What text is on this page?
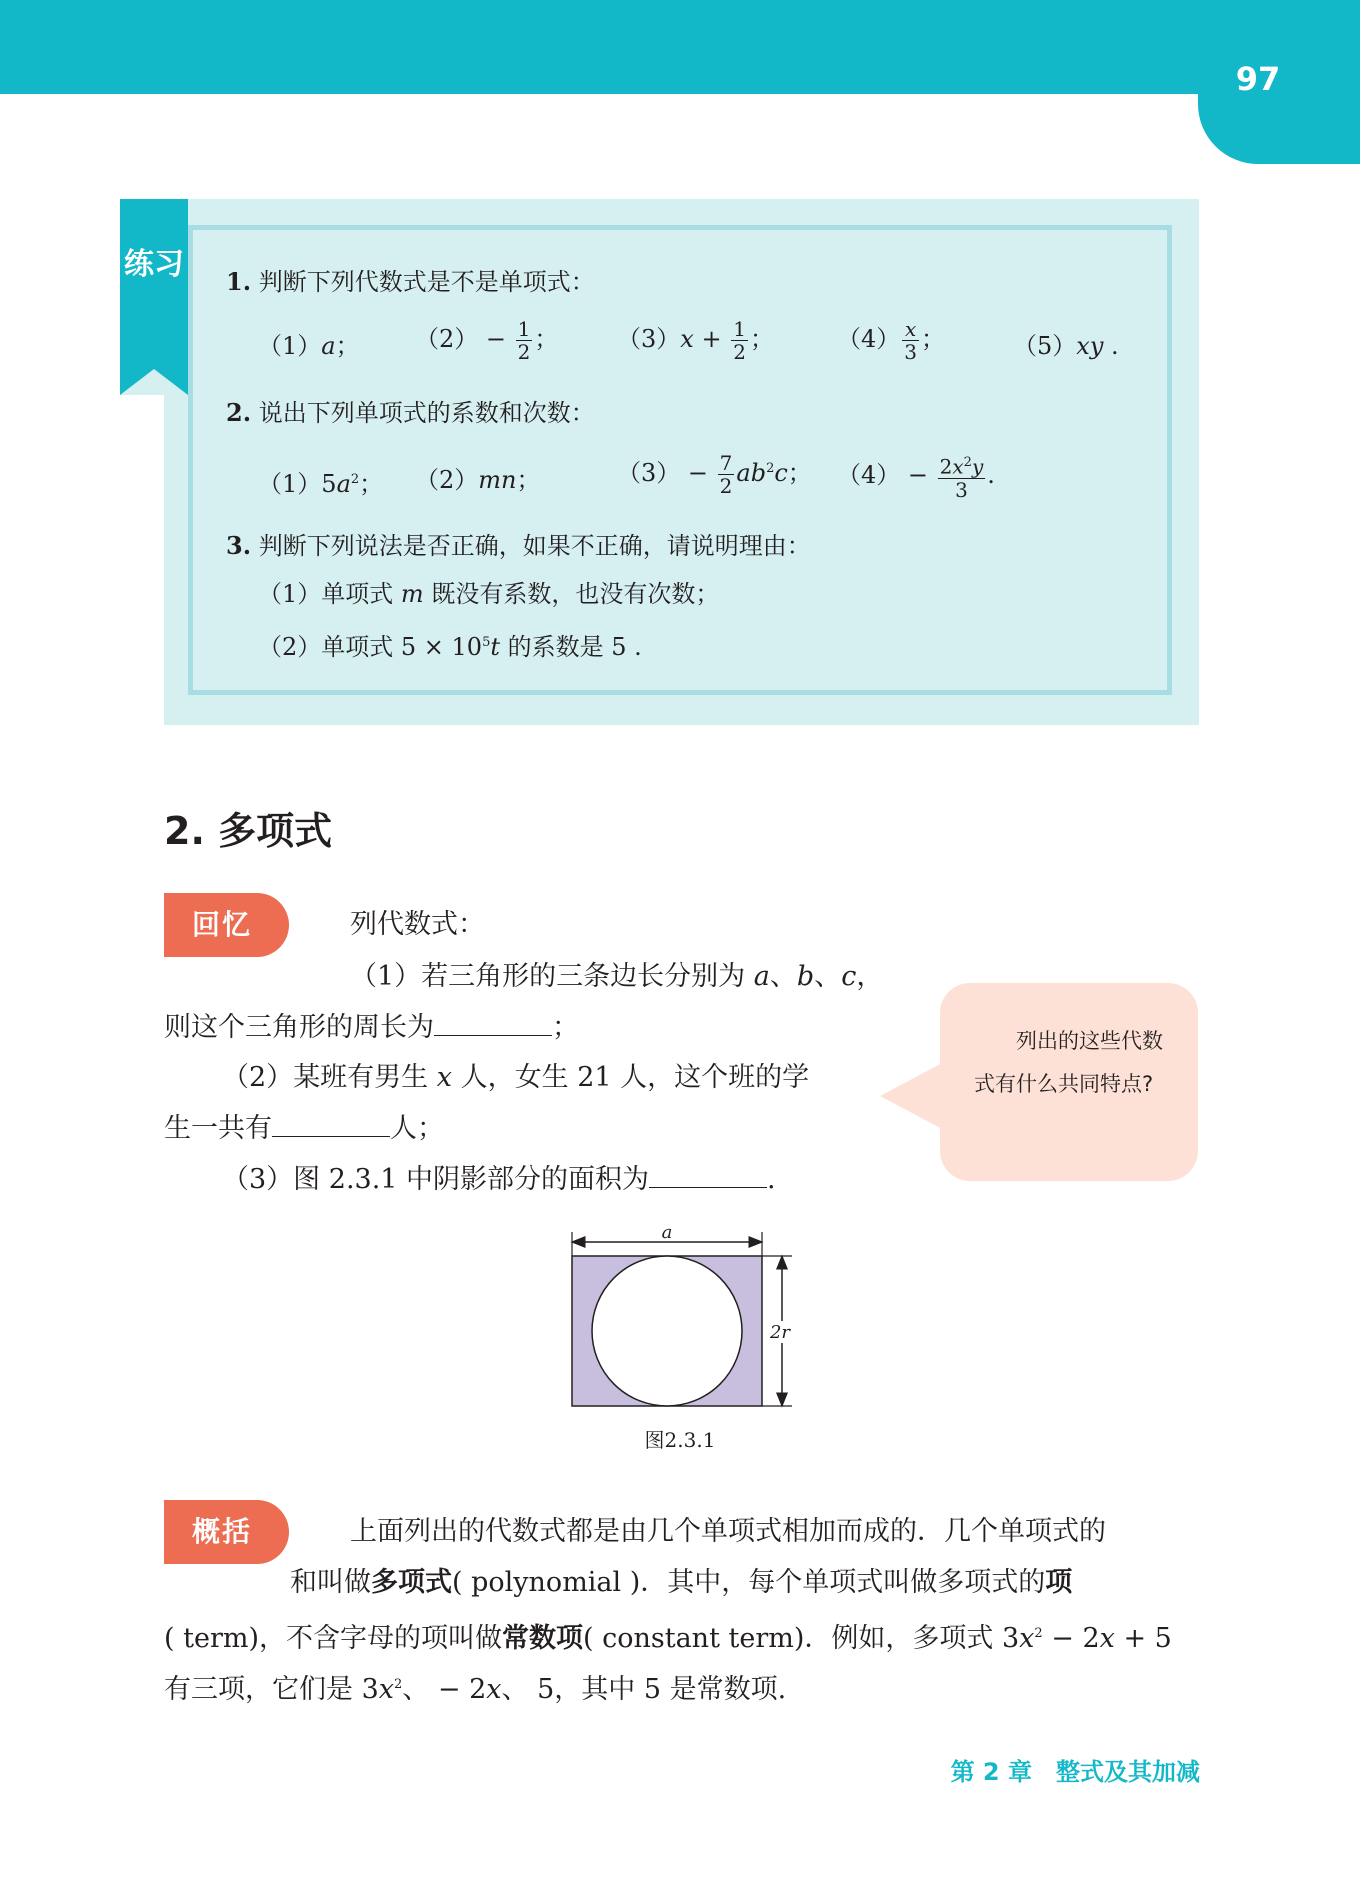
97
练习 1. 判断下列代数式是不是单项式：
（1）a； $(2) - \frac{1}{2}$ ； $(3)x + \frac{1}{2}$ ；	$(4) \frac{x}{3}$ ；	（5）xy .
2. 说出下列单项式的系数和次数：
$(1)5a^2$； （2）mn；	$(3) - \frac{7}{2} ab^2c$； $(4) - \frac{2x^2y}{3}$ .
3. 判断下列说法是否正确，如果不正确，请说明理由：
（1）单项式 m 既没有系数，也没有次数；
（2）单项式 $5 \times 10^5t$ 的系数是 5 .
2. 多项式
回忆	列代数式：
（1）若三角形的三条边长分别为 a、b、c，
则这个三角形的周长为	；
（2）某班有男生 x 人，女生 21 人，这个班的学
生一共有	人；
（3）图 2.3.1 中阴影部分的面积为	.
列出的这些代数式有什么共同特点?
a
2r
图2.3.1
概括	上面列出的代数式都是由几个单项式相加而成的．几个单项式的
和叫做多项式( polynomial )．其中，每个单项式叫做多项式的项
( term)，不含字母的项叫做常数项( constant term)．例如，多项式 $3x^2 - 2x + 5$
有三项，它们是 $3x^2$、 − 2x、 5，其中 5 是常数项.
第 2 章　整式及其加减
